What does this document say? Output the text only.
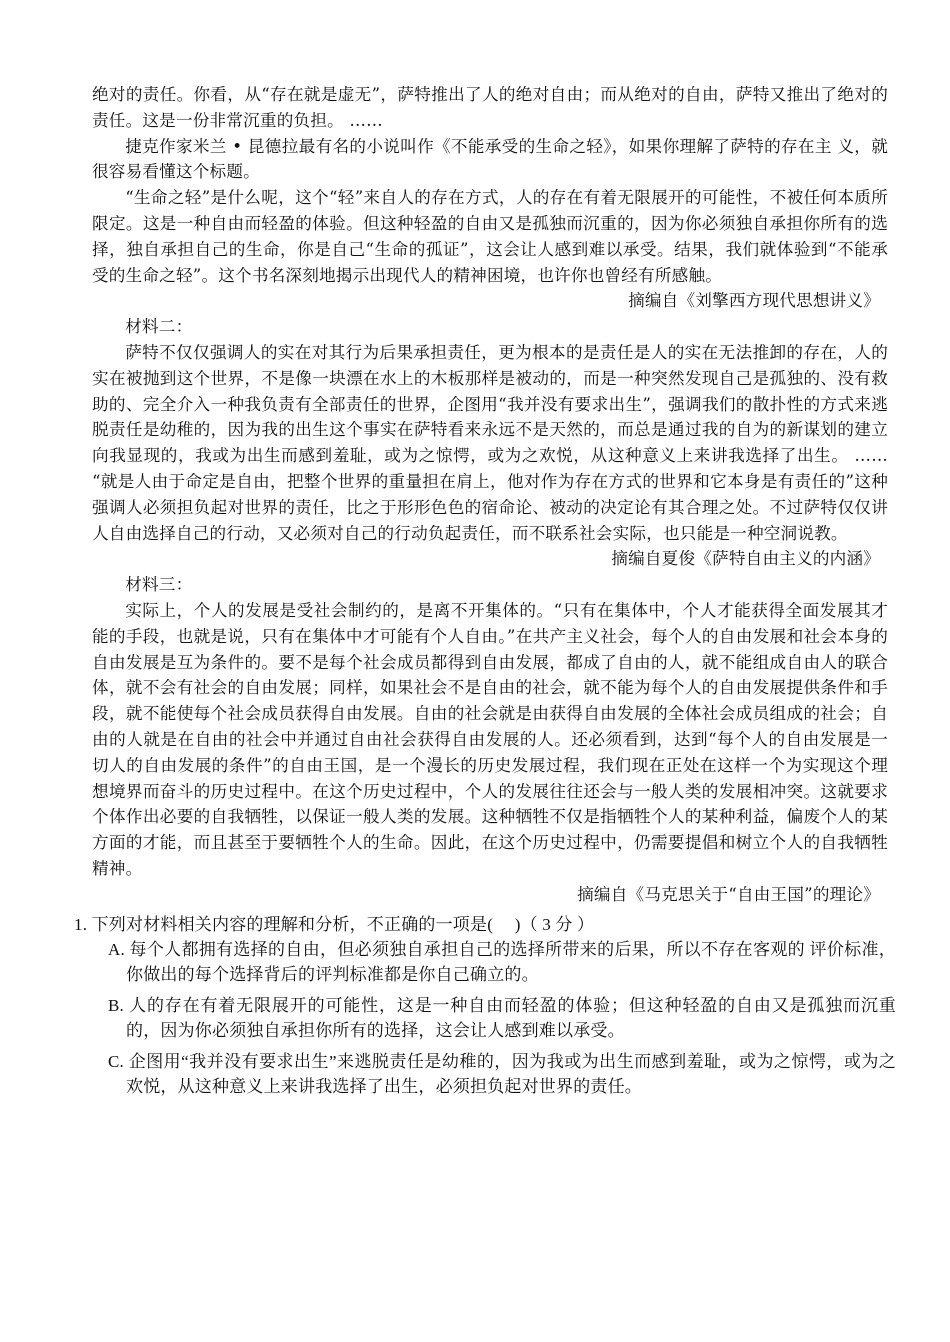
绝对的责任。你看，从“存在就是虚无”，萨特推出了人的绝对自由；而从绝对的自由，萨特又推出了绝对的责任。这是一份非常沉重的负担。 ……

捷克作家米兰 • 昆德拉最有名的小说叫作《不能承受的生命之轻》，如果你理解了萨特的存在主 义，就很容易看懂这个标题。

“生命之轻”是什么呢，这个“轻”来自人的存在方式，人的存在有着无限展开的可能性，不被任何本质所限定。这是一种自由而轻盈的体验。但这种轻盈的自由又是孤独而沉重的，因为你必须独自承担你所有的选择，独自承担自己的生命，你是自己“生命的孤证”，这会让人感到难以承受。结果，我们就体验到“不能承受的生命之轻”。这个书名深刻地揭示出现代人的精神困境，也许你也曾经有所感触。

摘编自《刘擎西方现代思想讲义》

材料二：

萨特不仅仅强调人的实在对其行为后果承担责任，更为根本的是责任是人的实在无法推卸的存在，人的实在被抛到这个世界，不是像一块漂在水上的木板那样是被动的，而是一种突然发现自己是孤独的、没有救助的、完全介入一种我负责有全部责任的世界，企图用“我并没有要求出生”，强调我们的散扑性的方式来逃脱责任是幼稚的，因为我的出生这个事实在萨特看来永远不是天然的，而总是通过我的自为的新谋划的建立向我显现的，我或为出生而感到羞耻，或为之惊愕，或为之欢悦，从这种意义上来讲我选择了出生。 …… “就是人由于命定是自由，把整个世界的重量担在肩上，他对作为存在方式的世界和它本身是有责任的”这种强调人必须担负起对世界的责任，比之于形形色色的宿命论、被动的决定论有其合理之处。不过萨特仅仅讲人自由选择自己的行动，又必须对自己的行动负起责任，而不联系社会实际，也只能是一种空洞说教。

摘编自夏俊《萨特自由主义的内涵》

材料三：

实际上，个人的发展是受社会制约的，是离不开集体的。“只有在集体中，个人才能获得全面发展其才能的手段，也就是说，只有在集体中才可能有个人自由。”在共产主义社会，每个人的自由发展和社会本身的自由发展是互为条件的。要不是每个社会成员都得到自由发展，都成了自由的人，就不能组成自由人的联合体，就不会有社会的自由发展；同样，如果社会不是自由的社会，就不能为每个人的自由发展提供条件和手段，就不能使每个社会成员获得自由发展。自由的社会就是由获得自由发展的全体社会成员组成的社会；自由的人就是在自由的社会中并通过自由社会获得自由发展的人。还必须看到，达到“每个人的自由发展是一切人的自由发展的条件”的自由王国，是一个漫长的历史发展过程，我们现在正处在这样一个为实现这个理想境界而奋斗的历史过程中。在这个历史过程中，个人的发展往往还会与一般人类的发展相冲突。这就要求个体作出必要的自我牺牲，以保证一般人类的发展。这种牺牲不仅是指牺牲个人的某种利益，偏废个人的某方面的才能，而且甚至于要牺牲个人的生命。因此，在这个历史过程中，仍需要提倡和树立个人的自我牺牲精神。

摘编自《马克思关于“自由王国”的理论》

1. 下列对材料相关内容的理解和分析，不正确的一项是(　 )（ 3 分 ）

A. 每个人都拥有选择的自由，但必须独自承担自己的选择所带来的后果，所以不存在客观的 评价标准，你做出的每个选择背后的评判标准都是你自己确立的。

B. 人的存在有着无限展开的可能性，这是一种自由而轻盈的体验；但这种轻盈的自由又是孤独而沉重的，因为你必须独自承担你所有的选择，这会让人感到难以承受。

C. 企图用“我并没有要求出生”来逃脱责任是幼稚的，因为我或为出生而感到羞耻，或为之惊愕，或为之欢悦，从这种意义上来讲我选择了出生，必须担负起对世界的责任。
